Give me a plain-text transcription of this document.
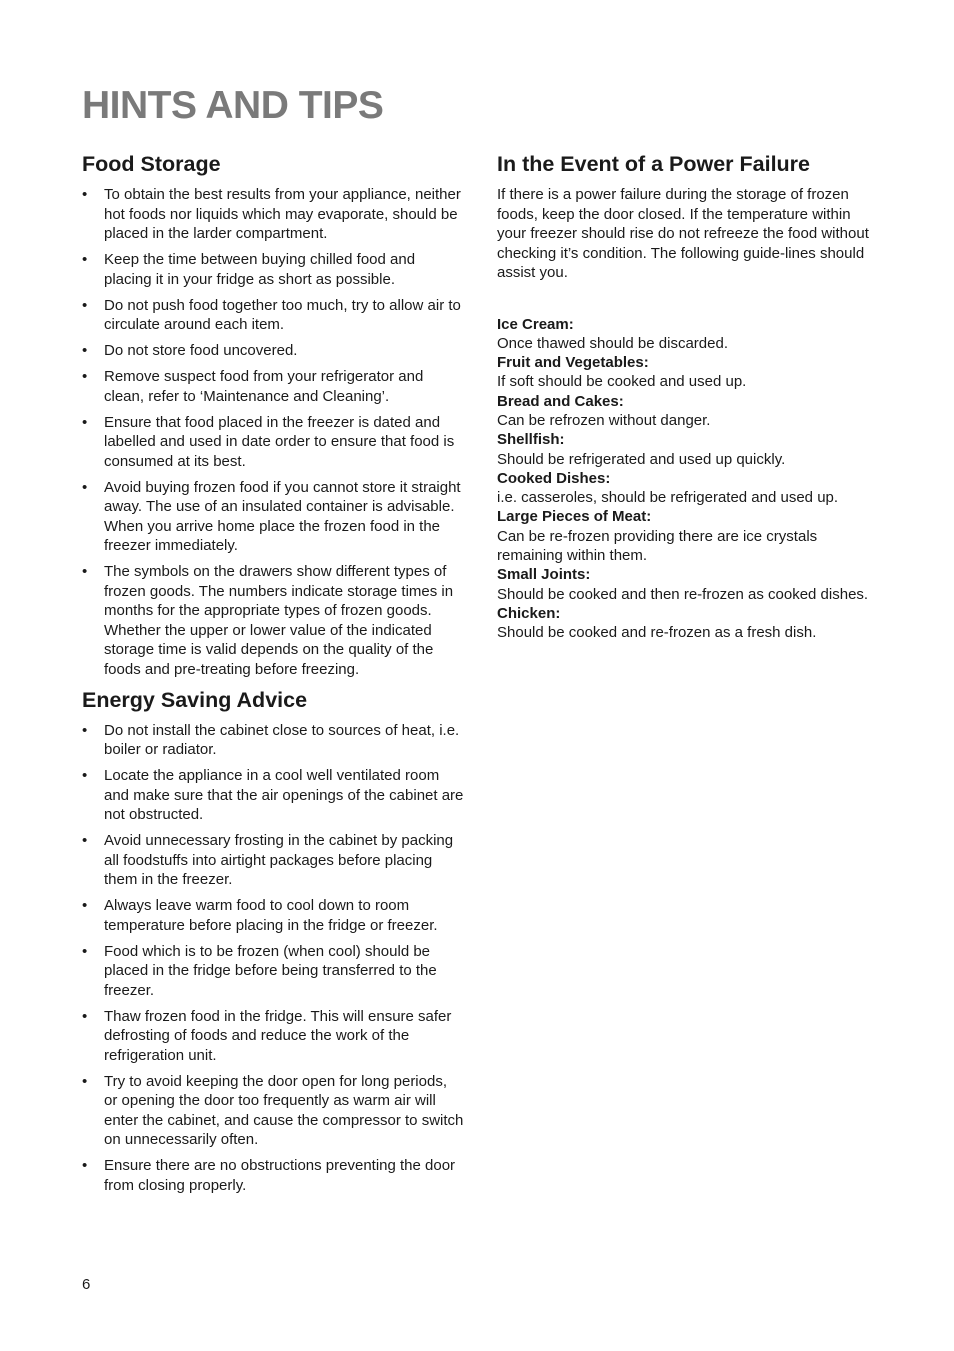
HINTS AND TIPS
Food Storage
• To obtain the best results from your appliance, neither hot foods nor liquids which may evaporate, should be placed in the larder compartment.
• Keep the time between buying chilled food and placing it in your fridge as short as possible.
• Do not push food together too much, try to allow air to circulate around each item.
• Do not store food uncovered.
• Remove suspect food from your refrigerator and clean, refer to ‘Maintenance and Cleaning’.
• Ensure that food placed in the freezer is dated and labelled and used in date order to ensure that food is consumed at its best.
• Avoid buying frozen food if you cannot store it straight away. The use of an insulated container is advisable. When you arrive home place the frozen food in the freezer immediately.
• The symbols on the drawers show different types of frozen goods. The numbers indicate storage times in months for the appropriate types of frozen goods. Whether the upper or lower value of the indicated storage time is valid depends on the quality of the foods and pre-treating before freezing.
Energy Saving Advice
• Do not install the cabinet close to sources of heat, i.e. boiler or radiator.
• Locate the appliance in a cool well ventilated room and make sure that the air openings of the cabinet are not obstructed.
• Avoid unnecessary frosting in the cabinet by packing all foodstuffs into airtight packages before placing them in the freezer.
• Always leave warm food to cool down to room temperature before placing in the fridge or freezer.
• Food which is to be frozen (when cool) should be placed in the fridge before being transferred to the freezer.
• Thaw frozen food in the fridge. This will ensure safer defrosting of foods and reduce the work of the refrigeration unit.
• Try to avoid keeping the door open for long periods, or opening the door too frequently as warm air will enter the cabinet, and cause the compressor to switch on unnecessarily often.
• Ensure there are no obstructions preventing the door from closing properly.
In the Event of a Power Failure

If there is a power failure during the storage of frozen foods, keep the door closed. If the temperature within your freezer should rise do not refreeze the food without checking it’s condition. The following guide-lines should assist you.

Ice Cream:
Once thawed should be discarded.
Fruit and Vegetables:
If soft should be cooked and used up.
Bread and Cakes:
Can be refrozen without danger.
Shellfish:
Should be refrigerated and used up quickly.
Cooked Dishes:
i.e. casseroles, should be refrigerated and used up.
Large Pieces of Meat:
Can be re-frozen providing there are ice crystals remaining within them.
Small Joints:
Should be cooked and then re-frozen as cooked dishes.
Chicken:
Should be cooked and re-frozen as a fresh dish.
6
